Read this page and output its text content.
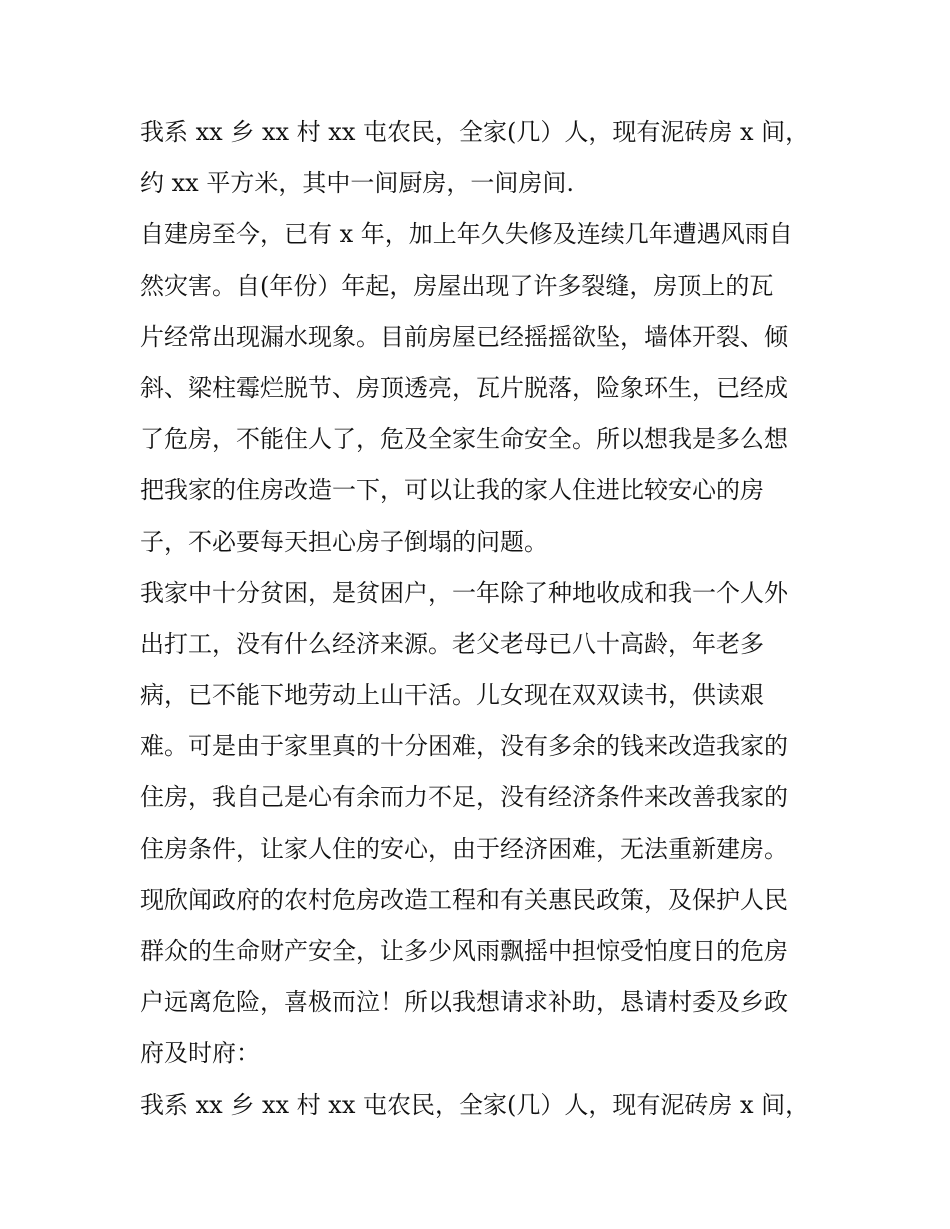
我系 xx 乡 xx 村 xx 屯农民，全家(几）人，现有泥砖房 x 间，
约 xx 平方米，其中一间厨房，一间房间.
自建房至今，已有 x 年，加上年久失修及连续几年遭遇风雨自
然灾害。自(年份）年起，房屋出现了许多裂缝，房顶上的瓦
片经常出现漏水现象。目前房屋已经摇摇欲坠，墙体开裂、倾
斜、梁柱霉烂脱节、房顶透亮，瓦片脱落，险象环生，已经成
了危房，不能住人了，危及全家生命安全。所以想我是多么想
把我家的住房改造一下，可以让我的家人住进比较安心的房
子，不必要每天担心房子倒塌的问题。
我家中十分贫困，是贫困户，一年除了种地收成和我一个人外
出打工，没有什么经济来源。老父老母已八十高龄，年老多
病，已不能下地劳动上山干活。儿女现在双双读书，供读艰
难。可是由于家里真的十分困难，没有多余的钱来改造我家的
住房，我自己是心有余而力不足，没有经济条件来改善我家的
住房条件，让家人住的安心，由于经济困难，无法重新建房。
现欣闻政府的农村危房改造工程和有关惠民政策，及保护人民
群众的生命财产安全，让多少风雨飘摇中担惊受怕度日的危房
户远离危险，喜极而泣！所以我想请求补助，恳请村委及乡政
府及时府：
我系 xx 乡 xx 村 xx 屯农民，全家(几）人，现有泥砖房 x 间，
